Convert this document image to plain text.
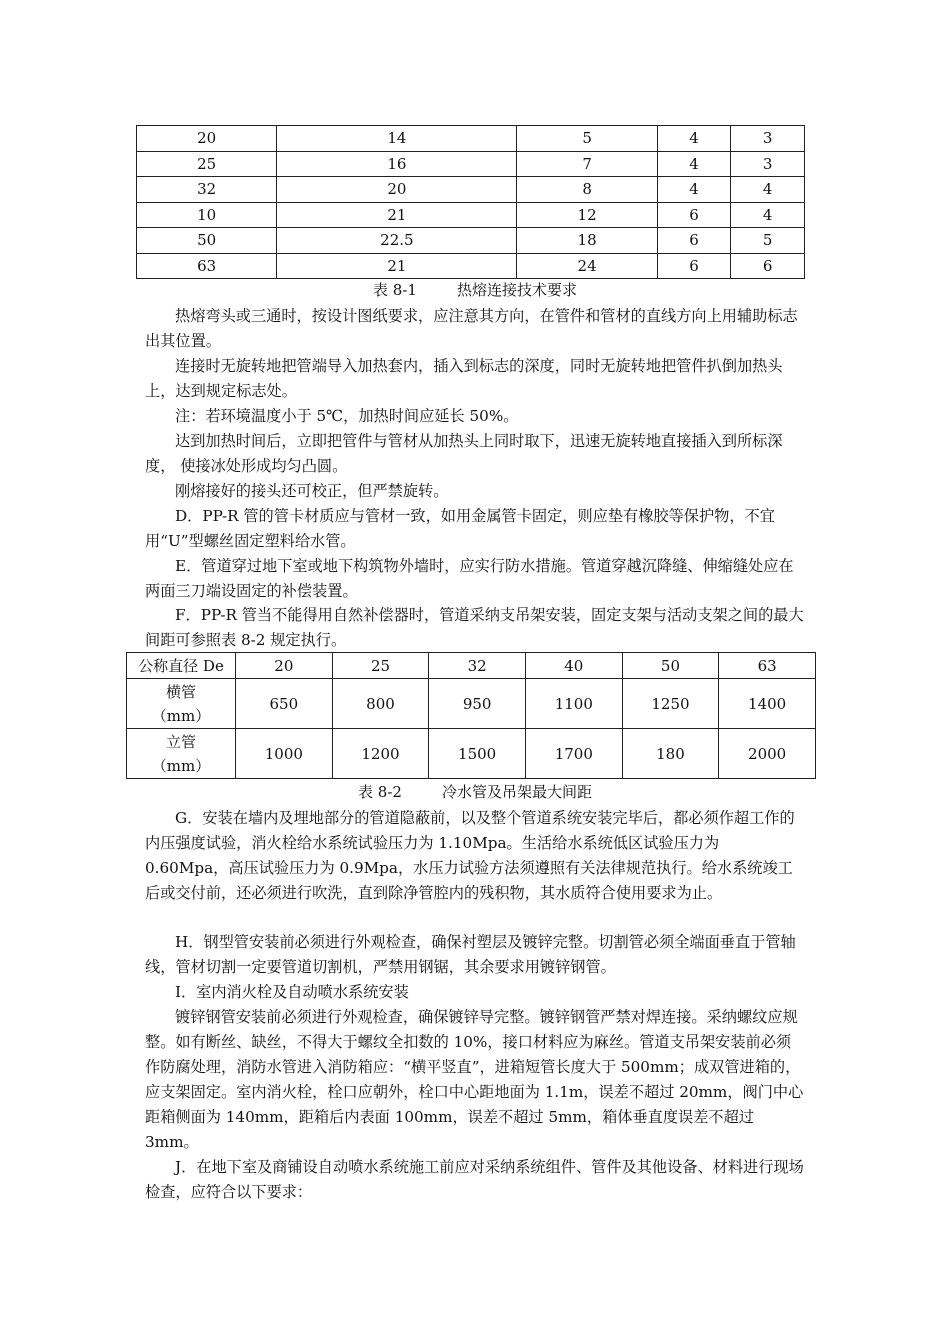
20	14	5	4	3
25	16	7	4	3
32	20	8	4	4
10	21	12	6	4
50	22.5	18	6	5
63	21	24	6	6
表 8-1	热熔连接技术要求

热熔弯头或三通时，按设计图纸要求，应注意其方向，在管件和管材的直线方向上用辅助标志出其位置。

连接时无旋转地把管端导入加热套内，插入到标志的深度，同时无旋转地把管件扒倒加热头上，达到规定标志处。

注：若环境温度小于 5℃，加热时间应延长 50%。

达到加热时间后，立即把管件与管材从加热头上同时取下，迅速无旋转地直接插入到所标深度， 使接冰处形成均匀凸圆。

刚熔接好的接头还可校正，但严禁旋转。

D．PP-R 管的管卡材质应与管材一致，如用金属管卡固定，则应垫有橡胶等保护物，不宜用“U”型螺丝固定塑料给水管。

E．管道穿过地下室或地下构筑物外墙时，应实行防水措施。管道穿越沉降缝、伸缩缝处应在两面三刀端设固定的补偿装置。

F．PP-R 管当不能得用自然补偿器时，管道采纳支吊架安装，固定支架与活动支架之间的最大间距可参照表 8-2 规定执行。

公称直径 De	20	25	32	40	50	63

横管
（mm）	650	800	950	1100	1250	1400

立管
（mm）	1000	1200	1500	1700	180	2000
表 8-2	冷水管及吊架最大间距

G．安装在墙内及埋地部分的管道隐蔽前，以及整个管道系统安装完毕后，都必须作超工作的内压强度试验，消火栓给水系统试验压力为 1.10Mpa。生活给水系统低区试验压力为 0.60Mpa，高压试验压力为 0.9Mpa，水压力试验方法须遵照有关法律规范执行。给水系统竣工后或交付前，还必须进行吹洗，直到除净管腔内的残积物，其水质符合使用要求为止。

H．钢型管安装前必须进行外观检查，确保衬塑层及镀锌完整。切割管必须全端面垂直于管轴线，管材切割一定要管道切割机，严禁用钢锯，其余要求用镀锌钢管。

I．室内消火栓及自动喷水系统安装

镀锌钢管安装前必须进行外观检查，确保镀锌导完整。镀锌钢管严禁对焊连接。采纳螺纹应规整。如有断丝、缺丝，不得大于螺纹全扣数的 10%，接口材料应为麻丝。管道支吊架安装前必须作防腐处理，消防水管进入消防箱应：“横平竖直”，进箱短管长度大于 500mm；成双管进箱的，应支架固定。室内消火栓，栓口应朝外，栓口中心距地面为 1.1m，误差不超过 20mm，阀门中心距箱侧面为 140mm，距箱后内表面 100mm，误差不超过 5mm，箱体垂直度误差不超过 3mm。

J．在地下室及商铺设自动喷水系统施工前应对采纳系统组件、管件及其他设备、材料进行现场检查，应符合以下要求：
